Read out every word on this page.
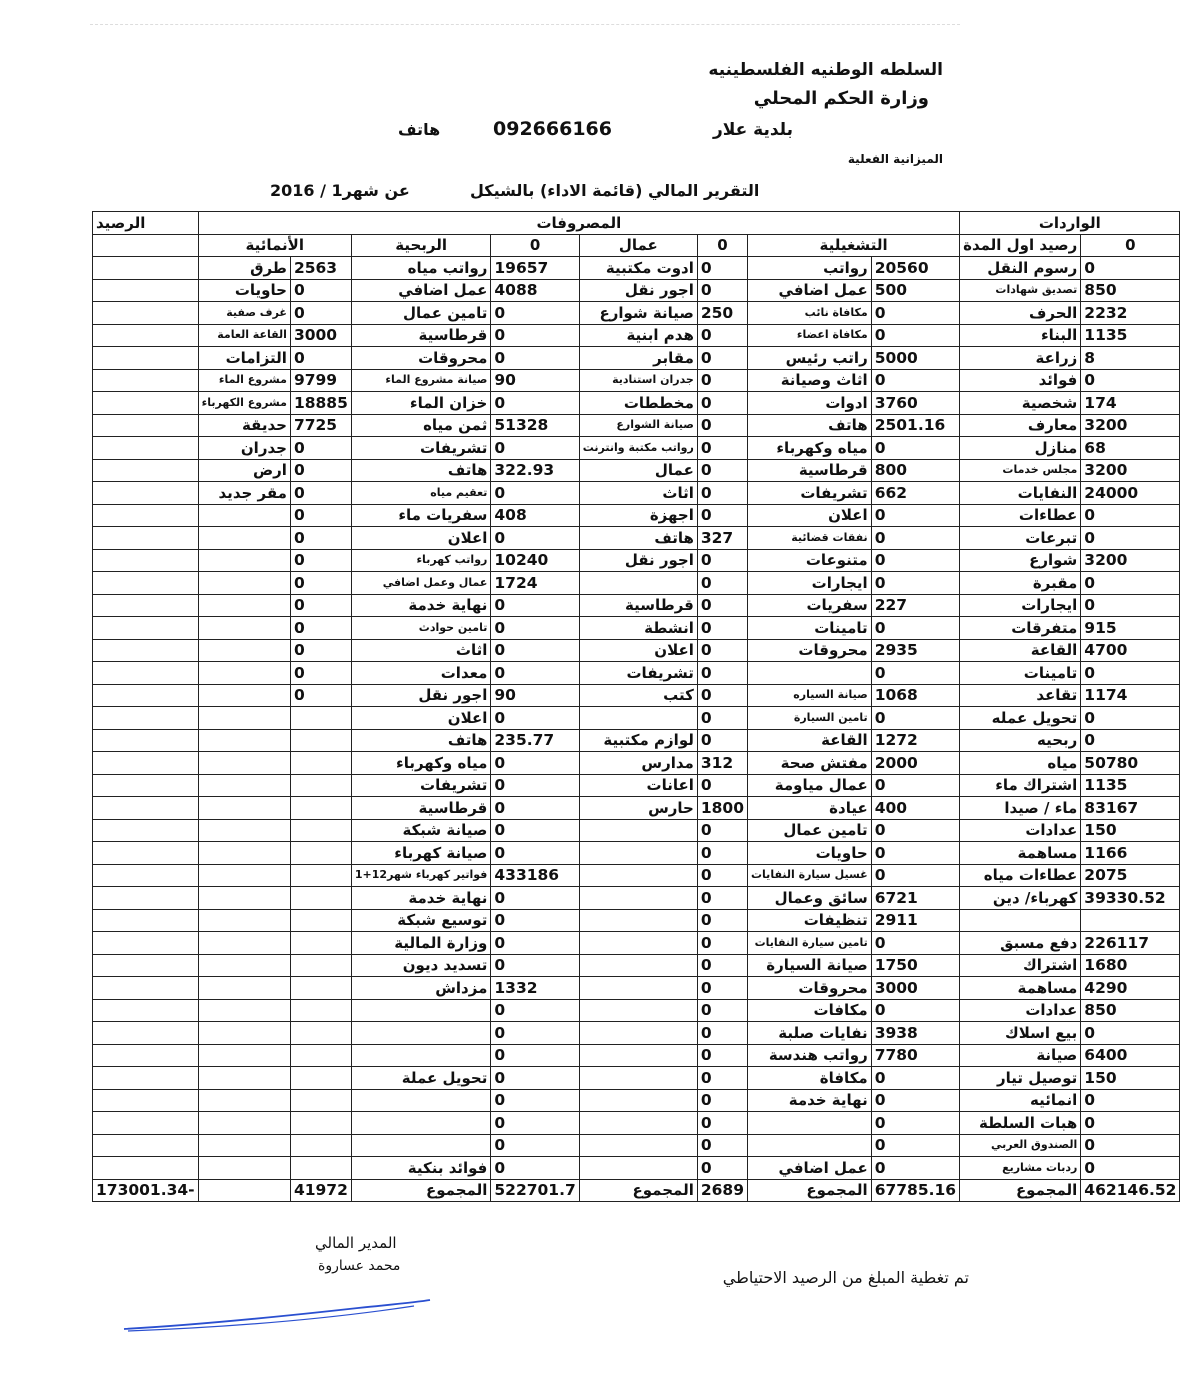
السلطه الوطنيه الفلسطينيه
وزارة الحكم المحلي
بلدية علار
هاتف	092666166
الميزانية الفعلية
التقرير المالي (قائمة الاداء) بالشيكل
عن شهر1 / 2016
الواردات		المصروفات								الرصيد
0	رصيد اول المدة	التشغيلية		0	عمال	0	الربحية	الأنمائية		
0	رسوم النقل	20560	رواتب	0	ادوت مكتبية	19657	رواتب مياه	2563	طرق	
850	تصديق شهادات	500	عمل اضافي	0	اجور نقل	4088	عمل اضافي	0	حاويات	
2232	الحرف	0	مكافاة نائب	250	صيانة شوارع	0	تامين عمال	0	غرف صفية	
1135	البناء	0	مكافاة اعضاء	0	هدم ابنية	0	قرطاسية	3000	القاعة العامة	
8	زراعة	5000	راتب رئيس	0	مقابر	0	محروقات	0	التزامات	
0	فوائد	0	اثاث وصيانة	0	جدران استنادية	90	صيانة مشروع الماء	9799	مشروع الماء	
174	شخصية	3760	ادوات	0	مخططات	0	خزان الماء	18885	مشروع الكهرباء	
3200	معارف	2501.16	هاتف	0	صيانة الشوارع	51328	ثمن مياه	7725	حديقة	
68	منازل	0	مياه وكهرباء	0	رواتب مكتبة وانترنت	0	تشريفات	0	جدران	
3200	مجلس خدمات	800	قرطاسية	0	عمال	322.93	هاتف	0	ارض	
24000	النفايات	662	تشريفات	0	اثاث	0	تعقيم مياه	0	مقر جديد	
0	عطاءات	0	اعلان	0	اجهزة	408	سفريات ماء	0		
0	تبرعات	0	نفقات قضائية	327	هاتف	0	اعلان	0		
3200	شوارع	0	متنوعات	0	اجور نقل	10240	رواتب كهرباء	0		
0	مقبرة	0	ايجارات	0		1724	عمال وعمل اضافي	0		
0	ايجارات	227	سفريات	0	قرطاسية	0	نهاية خدمة	0		
915	متفرقات	0	تامينات	0	انشطة	0	تامين حوادث	0		
4700	القاعة	2935	محروقات	0	اعلان	0	اثاث	0		
0	تامينات	0		0	تشريفات	0	معدات	0		
1174	تقاعد	1068	صيانة السياره	0	كتب	90	اجور نقل	0		
0	تحويل عمله	0	تامين السيارة	0		0	اعلان			
0	ربحيه	1272	القاعة	0	لوازم مكتبية	235.77	هاتف			
50780	مياه	2000	مفتش صحة	312	مدارس	0	مياه وكهرباء			
1135	اشتراك ماء	0	عمال مياومة	0	اعانات	0	تشريفات			
83167	ماء / صيدا	400	عيادة	1800	حارس	0	قرطاسية			
150	عدادات	0	تامين عمال	0		0	صيانة شبكة			
1166	مساهمة	0	حاويات	0		0	صيانة كهرباء			
2075	عطاءات مياه	0	غسيل سيارة النفايات	0		433186	فواتير كهرباء شهر12+1			
39330.52	كهرباء/ دين	6721	سائق وعمال	0		0	نهاية خدمة			
		2911	تنظيفات	0		0	توسيع شبكة			
226117	دفع مسبق	0	تامين سيارة النفايات	0		0	وزارة المالية			
1680	اشتراك	1750	صيانة السيارة	0		0	تسديد ديون			
4290	مساهمة	3000	محروقات	0		1332	مزداش			
850	عدادات	0	مكافات	0		0				
0	بيع اسلاك	3938	نفايات صلبة	0		0				
6400	صيانة	7780	رواتب هندسة	0		0				
150	توصيل تيار	0	مكافاة	0		0	تحويل عملة			
0	انمائيه	0	نهاية خدمة	0		0				
0	هبات السلطة	0		0		0				
0	الصندوق العربي	0		0		0				
0	ردبات مشاريع	0	عمل اضافي	0		0	فوائد بنكية			
462146.52	المجموع	67785.16	المجموع	2689	المجموع	522701.7	المجموع	41972		-173001.34
المدير المالي
محمد عساروة
تم تغطية المبلغ من الرصيد الاحتياطي
